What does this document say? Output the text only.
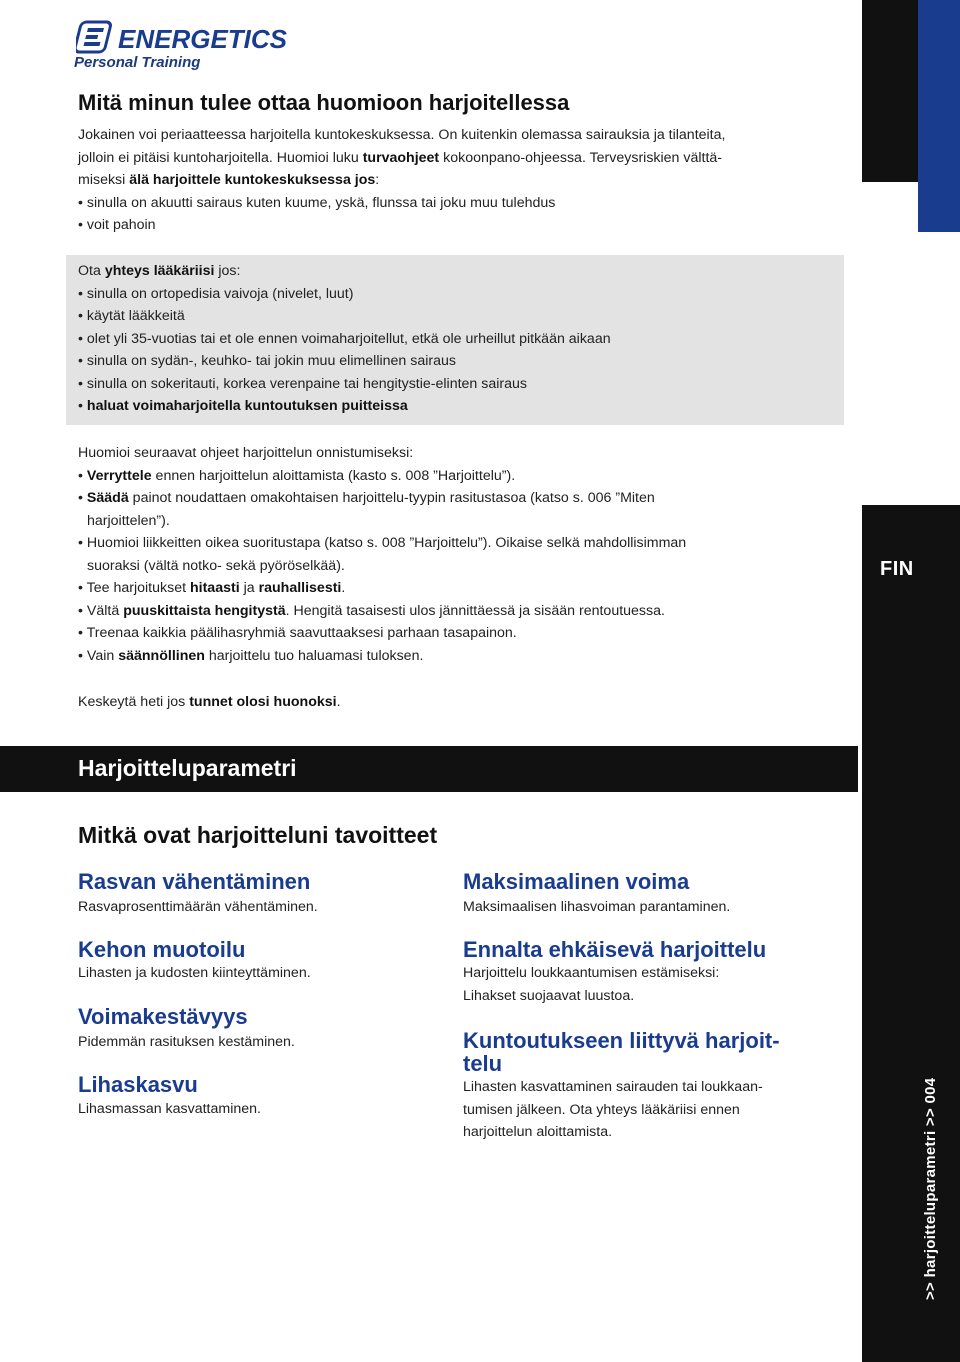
ENERGETICS
Personal Training
FIN
>> harjoitteluparametri >> 004
Mitä minun tulee ottaa huomioon harjoitellessa
Jokainen voi periaatteessa harjoitella kuntokeskuksessa. On kuitenkin olemassa sairauksia ja tilanteita,
jolloin ei pitäisi kuntoharjoitella. Huomioi luku turvaohjeet kokoonpano-ohjeessa. Terveysriskien välttä-
miseksi älä harjoittele kuntokeskuksessa jos:
• sinulla on akuutti sairaus kuten kuume, yskä, flunssa tai joku muu tulehdus
• voit pahoin
Ota yhteys lääkäriisi jos:
• sinulla on ortopedisia vaivoja (nivelet, luut)
• käytät lääkkeitä
• olet yli 35-vuotias tai et ole ennen voimaharjoitellut, etkä ole urheillut pitkään aikaan
• sinulla on sydän-, keuhko- tai jokin muu elimellinen sairaus
• sinulla on sokeritauti, korkea verenpaine tai hengitystie-elinten sairaus
• haluat voimaharjoitella kuntoutuksen puitteissa
Huomioi seuraavat ohjeet harjoittelun onnistumiseksi:
• Verryttele ennen harjoittelun aloittamista (kasto s. 008 ”Harjoittelu”).
• Säädä painot noudattaen omakohtaisen harjoittelu-tyypin rasitustasoa (katso s. 006 ”Miten
harjoittelen”).
• Huomioi liikkeitten oikea suoritustapa (katso s. 008 ”Harjoittelu”). Oikaise selkä mahdollisimman
suoraksi (vältä notko- sekä pyöröselkää).
• Tee harjoitukset hitaasti ja rauhallisesti.
• Vältä puuskittaista hengitystä. Hengitä tasaisesti ulos jännittäessä ja sisään rentoutuessa.
• Treenaa kaikkia päälihasryhmiä saavuttaaksesi parhaan tasapainon.
• Vain säännöllinen harjoittelu tuo haluamasi tuloksen.
Keskeytä heti jos tunnet olosi huonoksi.
Harjoitteluparametri
Mitkä ovat harjoitteluni tavoitteet
Rasvan vähentäminen
Rasvaprosenttimäärän vähentäminen.
Kehon muotoilu
Lihasten ja kudosten kiinteyttäminen.
Voimakestävyys
Pidemmän rasituksen kestäminen.
Lihaskasvu
Lihasmassan kasvattaminen.
Maksimaalinen voima
Maksimaalisen lihasvoiman parantaminen.
Ennalta ehkäisevä harjoittelu
Harjoittelu loukkaantumisen estämiseksi:
Lihakset suojaavat luustoa.
Kuntoutukseen liittyvä harjoit-
telu
Lihasten kasvattaminen sairauden tai loukkaan-
tumisen jälkeen. Ota yhteys lääkäriisi ennen
harjoittelun aloittamista.
